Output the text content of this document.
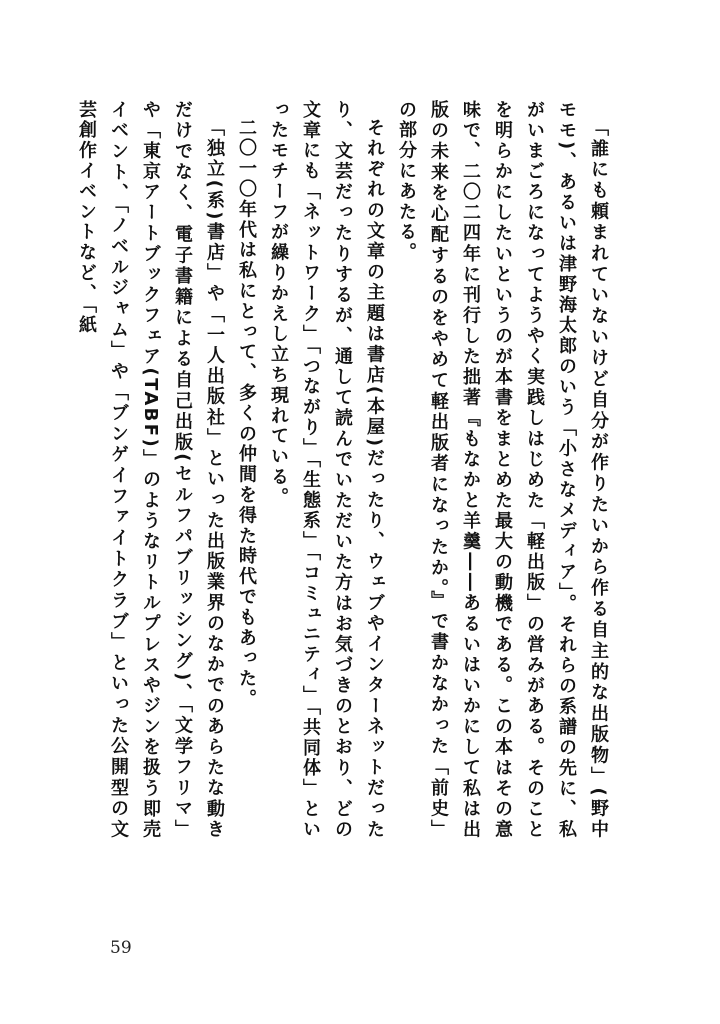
「誰にも頼まれていないけど自分が作りたいから作る自主的な出版物」(野中モモ)、あるいは津野海太郎のいう「小さなメディア」。それらの系譜の先に、私がいまごろになってようやく実践しはじめた「軽出版」の営みがある。そのことを明らかにしたいというのが本書をまとめた最大の動機である。この本はその意味で、二〇二四年に刊行した拙著『もなかと羊羹――あるいはいかにして私は出版の未来を心配するのをやめて軽出版者になったか。』で書かなかった「前史」の部分にあたる。

それぞれの文章の主題は書店(本屋)だったり、ウェブやインターネットだったり、文芸だったりするが、通して読んでいただいた方はお気づきのとおり、どの文章にも「ネットワーク」「つながり」「生態系」「コミュニティ」「共同体」といったモチーフが繰りかえし立ち現れている。

二〇一〇年代は私にとって、多くの仲間を得た時代でもあった。

「独立(系)書店」や「一人出版社」といった出版業界のなかでのあらたな動きだけでなく、電子書籍による自己出版(セルフパブリッシング)、「文学フリマ」や「東京アートブックフェア(TABF)」のようなリトルプレスやジンを扱う即売イベント、「ノベルジャム」や「ブンゲイファイトクラブ」といった公開型の文芸創作イベントなど、「紙

59
